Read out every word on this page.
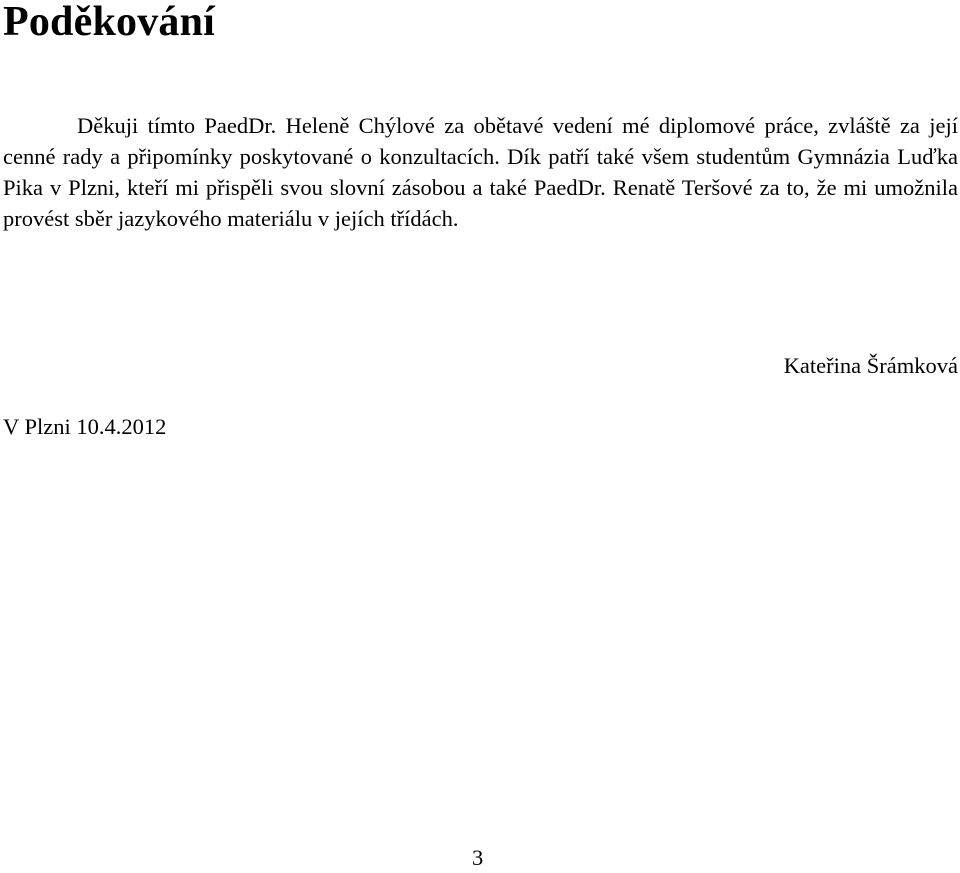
Poděkování

Děkuji tímto PaedDr. Heleně Chýlové za obětavé vedení mé diplomové práce, zvláště za její cenné rady a připomínky poskytované o konzultacích. Dík patří také všem studentům Gymnázia Luďka Pika v Plzni, kteří mi přispěli svou slovní zásobou a také PaedDr. Renatě Teršové za to, že mi umožnila provést sběr jazykového materiálu v jejích třídách.

Kateřina Šrámková
V Plzni 10.4.2012
3
